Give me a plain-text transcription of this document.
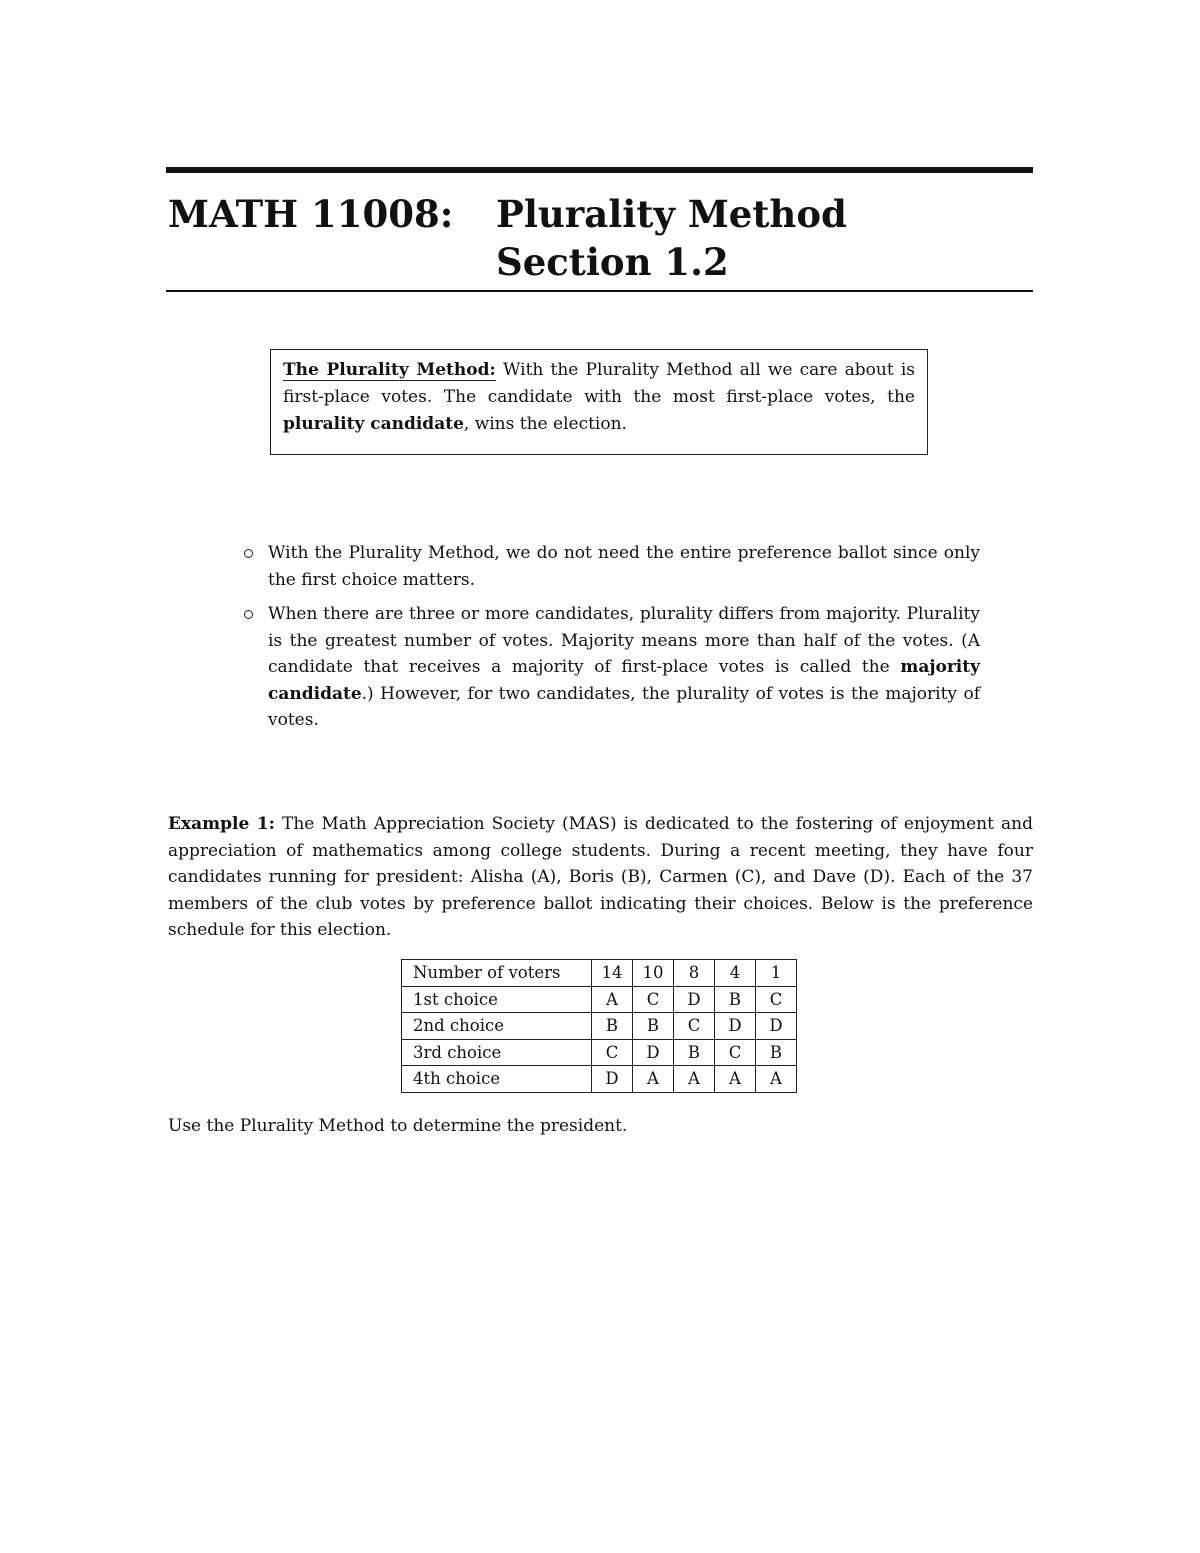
MATH 11008: Plurality Method
Section 1.2
The Plurality Method: With the Plurality Method all we care about is first-place votes. The candidate with the most first-place votes, the plurality candidate, wins the election.
With the Plurality Method, we do not need the entire preference ballot since only the first choice matters.
When there are three or more candidates, plurality differs from majority. Plurality is the greatest number of votes. Majority means more than half of the votes. (A candidate that receives a majority of first-place votes is called the majority candidate.) However, for two candidates, the plurality of votes is the majority of votes.
Example 1: The Math Appreciation Society (MAS) is dedicated to the fostering of enjoyment and appreciation of mathematics among college students. During a recent meeting, they have four candidates running for president: Alisha (A), Boris (B), Carmen (C), and Dave (D). Each of the 37 members of the club votes by preference ballot indicating their choices. Below is the preference schedule for this election.
Number of voters	14	10	8	4	1
1st choice	A	C	D	B	C
2nd choice	B	B	C	D	D
3rd choice	C	D	B	C	B
4th choice	D	A	A	A	A
Use the Plurality Method to determine the president.
